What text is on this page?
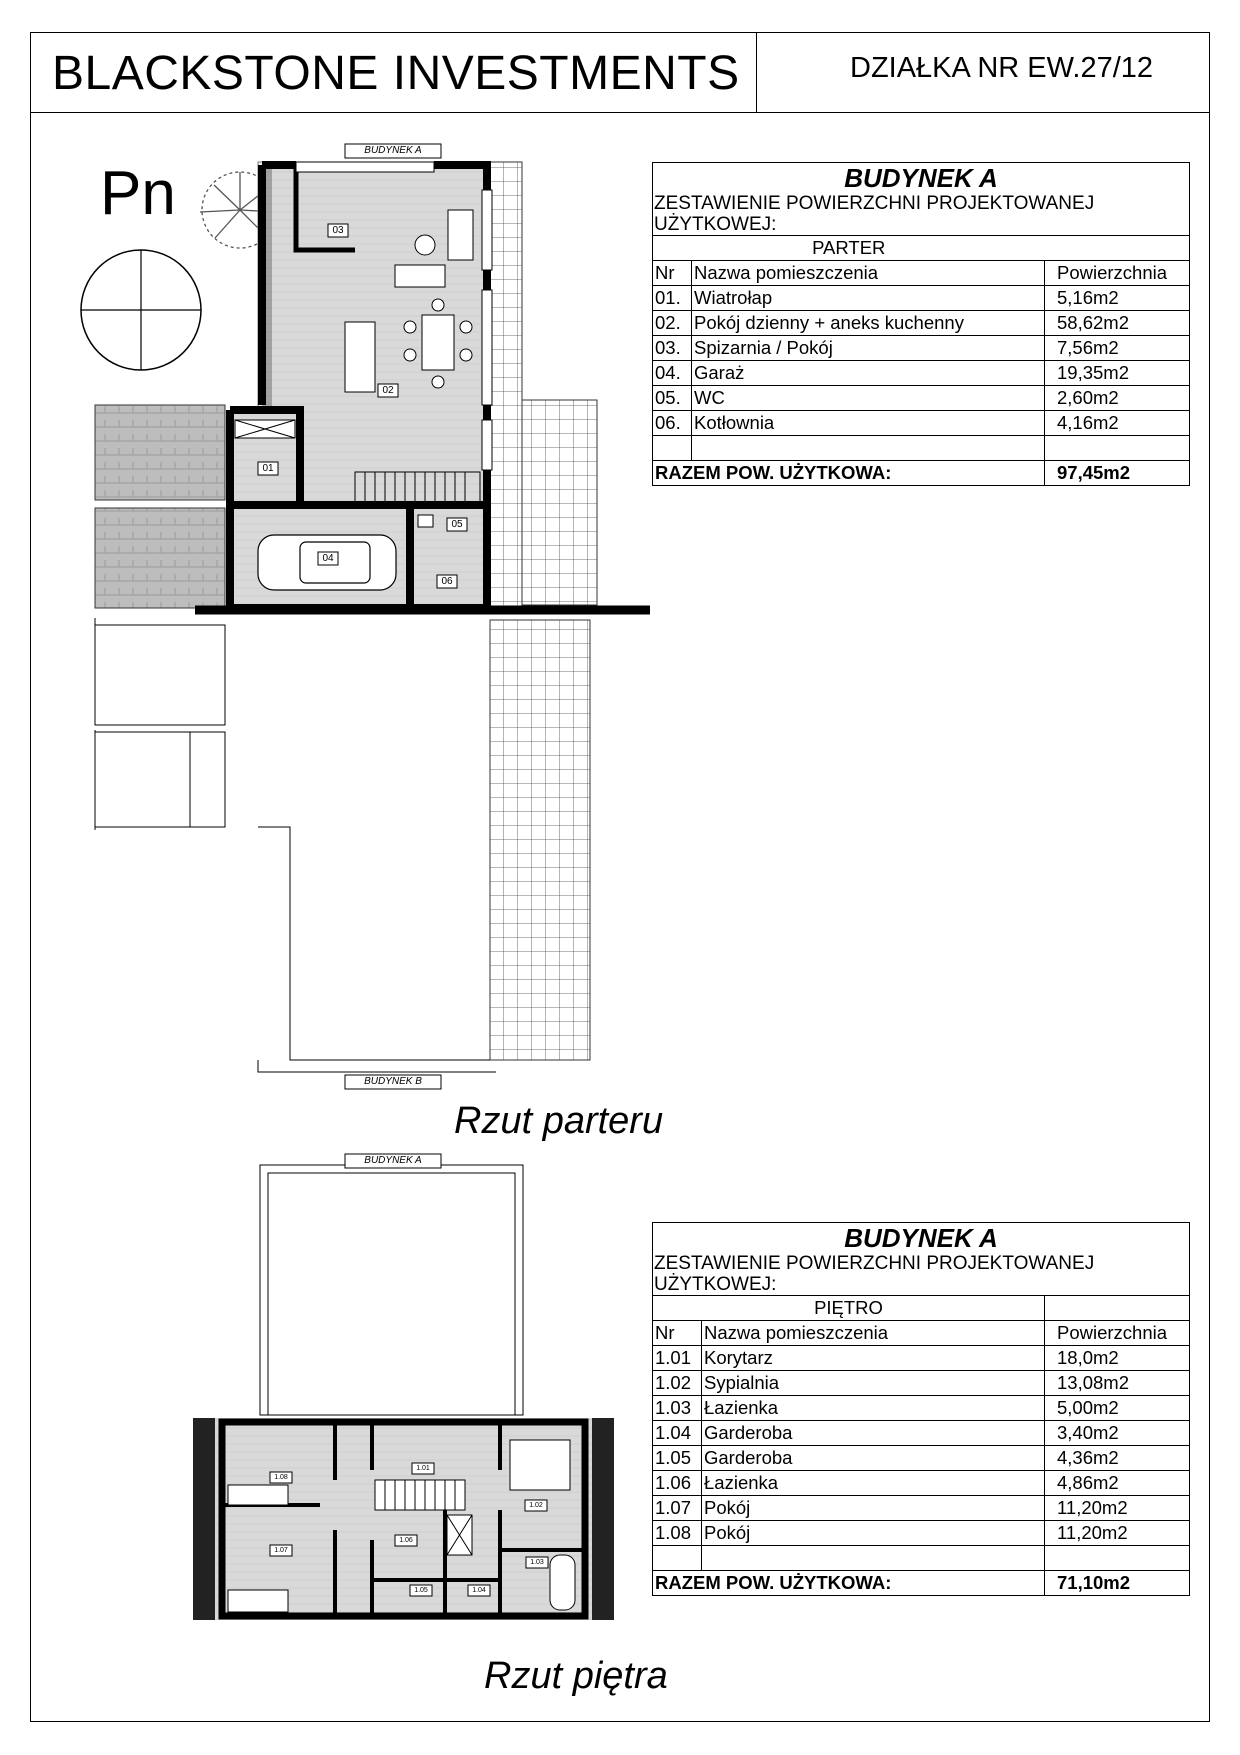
BLACKSTONE INVESTMENTS	DZIAŁKA NR EW.27/12
Pn
BUDYNEK A
BUDYNEK B
BUDYNEK A
01
02
03
04
05
06
1.01
1.02
1.03
1.04
1.05
1.06
1.07
1.08
Rzut parteru
Rzut piętra
BUDYNEK A
ZESTAWIENIE POWIERZCHNI PROJEKTOWANEJ
UŻYTKOWEJ:
PARTER		
Nr	Nazwa pomieszczenia	Powierzchnia
01.	Wiatrołap	5,16m2
02.	Pokój dzienny + aneks kuchenny	58,62m2
03.	Spizarnia / Pokój	7,56m2
04.	Garaż	19,35m2
05.	WC	2,60m2
06.	Kotłownia	4,16m2

RAZEM POW. UŻYTKOWA:		97,45m2
BUDYNEK A
ZESTAWIENIE POWIERZCHNI PROJEKTOWANEJ
UŻYTKOWEJ:
PIĘTRO		
Nr	Nazwa pomieszczenia	Powierzchnia
1.01	Korytarz	18,0m2
1.02	Sypialnia	13,08m2
1.03	Łazienka	5,00m2
1.04	Garderoba	3,40m2
1.05	Garderoba	4,36m2
1.06	Łazienka	4,86m2
1.07	Pokój	11,20m2
1.08	Pokój	11,20m2

RAZEM POW. UŻYTKOWA:		71,10m2
